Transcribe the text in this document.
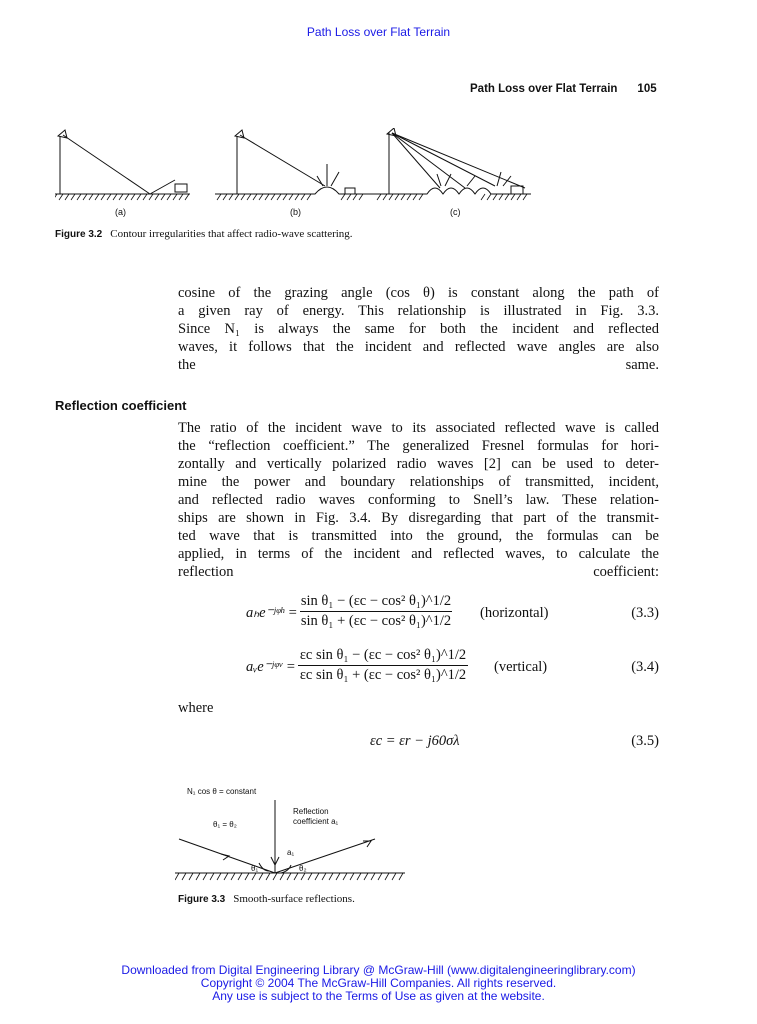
Path Loss over Flat Terrain
Path Loss over Flat Terrain 105
(a)	(b)	(c)
Figure 3.2 Contour irregularities that affect radio-wave scattering.
cosine of the grazing angle (cos θ) is constant along the path of
a given ray of energy. This relationship is illustrated in Fig. 3.3.
Since N₁ is always the same for both the incident and reflected
waves, it follows that the incident and reflected wave angles are also
the same.
Reflection coefficient
The ratio of the incident wave to its associated reflected wave is called
the “reflection coefficient.” The generalized Fresnel formulas for hori-
zontally and vertically polarized radio waves [2] can be used to deter-
mine the power and boundary relationships of transmitted, incident,
and reflected radio waves conforming to Snell’s law. These relation-
ships are shown in Fig. 3.4. By disregarding that part of the transmit-
ted wave that is transmitted into the ground, the formulas can be
applied, in terms of the incident and reflected waves, to calculate the
reflection coefficient:
aₕe⁻ʲᵠʰ =
sin θ₁ − (εc − cos² θ₁)^1/2
sin θ₁ + (εc − cos² θ₁)^1/2 (horizontal)	(3.3)
aᵥe⁻ʲᵠᵛ =
εc sin θ₁ − (εc − cos² θ₁)^1/2
εc sin θ₁ + (εc − cos² θ₁)^1/2 (vertical)	(3.4)
where
εc = εr − j60σλ	(3.5)
N₁ cos θ = constant
θ₁ = θ₂
Reflection
coefficient a₁
a₁
θ₁	θ₂
Figure 3.3 Smooth-surface reflections.
Downloaded from Digital Engineering Library @ McGraw-Hill (www.digitalengineeringlibrary.com)
Copyright © 2004 The McGraw-Hill Companies. All rights reserved.
Any use is subject to the Terms of Use as given at the website.
